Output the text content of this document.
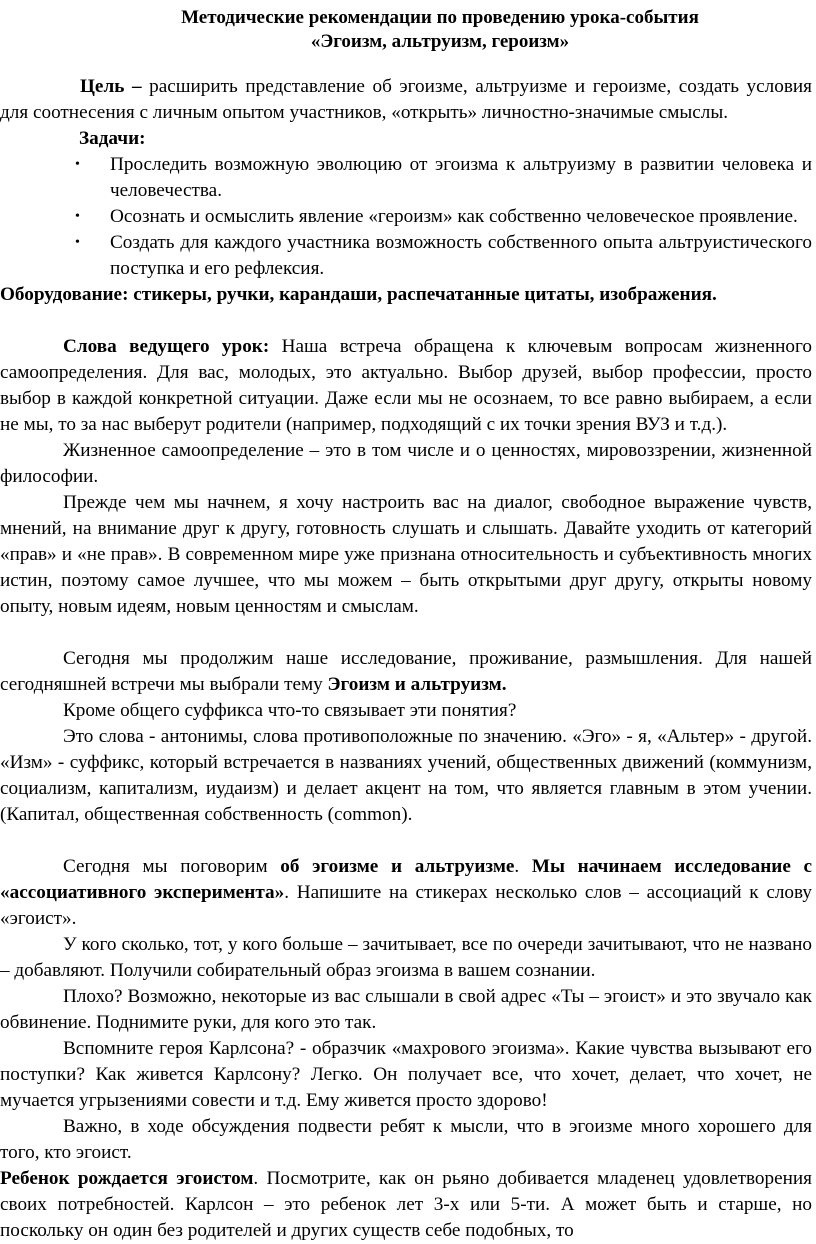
Методические рекомендации по проведению урока-события

«Эгоизм, альтруизм, героизм»

Цель – расширить представление об эгоизме, альтруизме и героизме, создать условия для соотнесения с личным опытом участников, «открыть» личностно-значимые смыслы.

Задачи:

• Проследить возможную эволюцию от эгоизма к альтруизму в развитии человека и человечества.
• Осознать и осмыслить явление «героизм» как собственно человеческое проявление.
• Создать для каждого участника возможность собственного опыта альтруистического поступка и его рефлексия.

Оборудование: стикеры, ручки, карандаши, распечатанные цитаты, изображения.

Слова ведущего урок: Наша встреча обращена к ключевым вопросам жизненного самоопределения. Для вас, молодых, это актуально. Выбор друзей, выбор профессии, просто выбор в каждой конкретной ситуации. Даже если мы не осознаем, то все равно выбираем, а если не мы, то за нас выберут родители (например, подходящий с их точки зрения ВУЗ и т.д.).

Жизненное самоопределение – это в том числе и о ценностях, мировоззрении, жизненной философии.

Прежде чем мы начнем, я хочу настроить вас на диалог, свободное выражение чувств, мнений, на внимание друг к другу, готовность слушать и слышать. Давайте уходить от категорий «прав» и «не прав». В современном мире уже признана относительность и субъективность многих истин, поэтому самое лучшее, что мы можем – быть открытыми друг другу, открыты новому опыту, новым идеям, новым ценностям и смыслам.

Сегодня мы продолжим наше исследование, проживание, размышления. Для нашей сегодняшней встречи мы выбрали тему Эгоизм и альтруизм.

Кроме общего суффикса что-то связывает эти понятия?

Это слова - антонимы, слова противоположные по значению. «Эго» - я, «Альтер» - другой. «Изм» - суффикс, который встречается в названиях учений, общественных движений (коммунизм, социализм, капитализм, иудаизм) и делает акцент на том, что является главным в этом учении. (Капитал, общественная собственность (common).

Сегодня мы поговорим об эгоизме и альтруизме. Мы начинаем исследование с «ассоциативного эксперимента». Напишите на стикерах несколько слов – ассоциаций к слову «эгоист».

У кого сколько, тот, у кого больше – зачитывает, все по очереди зачитывают, что не названо – добавляют. Получили собирательный образ эгоизма в вашем сознании.

Плохо? Возможно, некоторые из вас слышали в свой адрес «Ты – эгоист» и это звучало как обвинение. Поднимите руки, для кого это так.

Вспомните героя Карлсона? - образчик «махрового эгоизма». Какие чувства вызывают его поступки? Как живется Карлсону? Легко. Он получает все, что хочет, делает, что хочет, не мучается угрызениями совести и т.д. Ему живется просто здорово!

Важно, в ходе обсуждения подвести ребят к мысли, что в эгоизме много хорошего для того, кто эгоист.

Ребенок рождается эгоистом. Посмотрите, как он рьяно добивается младенец удовлетворения своих потребностей. Карлсон – это ребенок лет 3-х или 5-ти. А может быть и старше, но поскольку он один без родителей и других существ себе подобных, то
